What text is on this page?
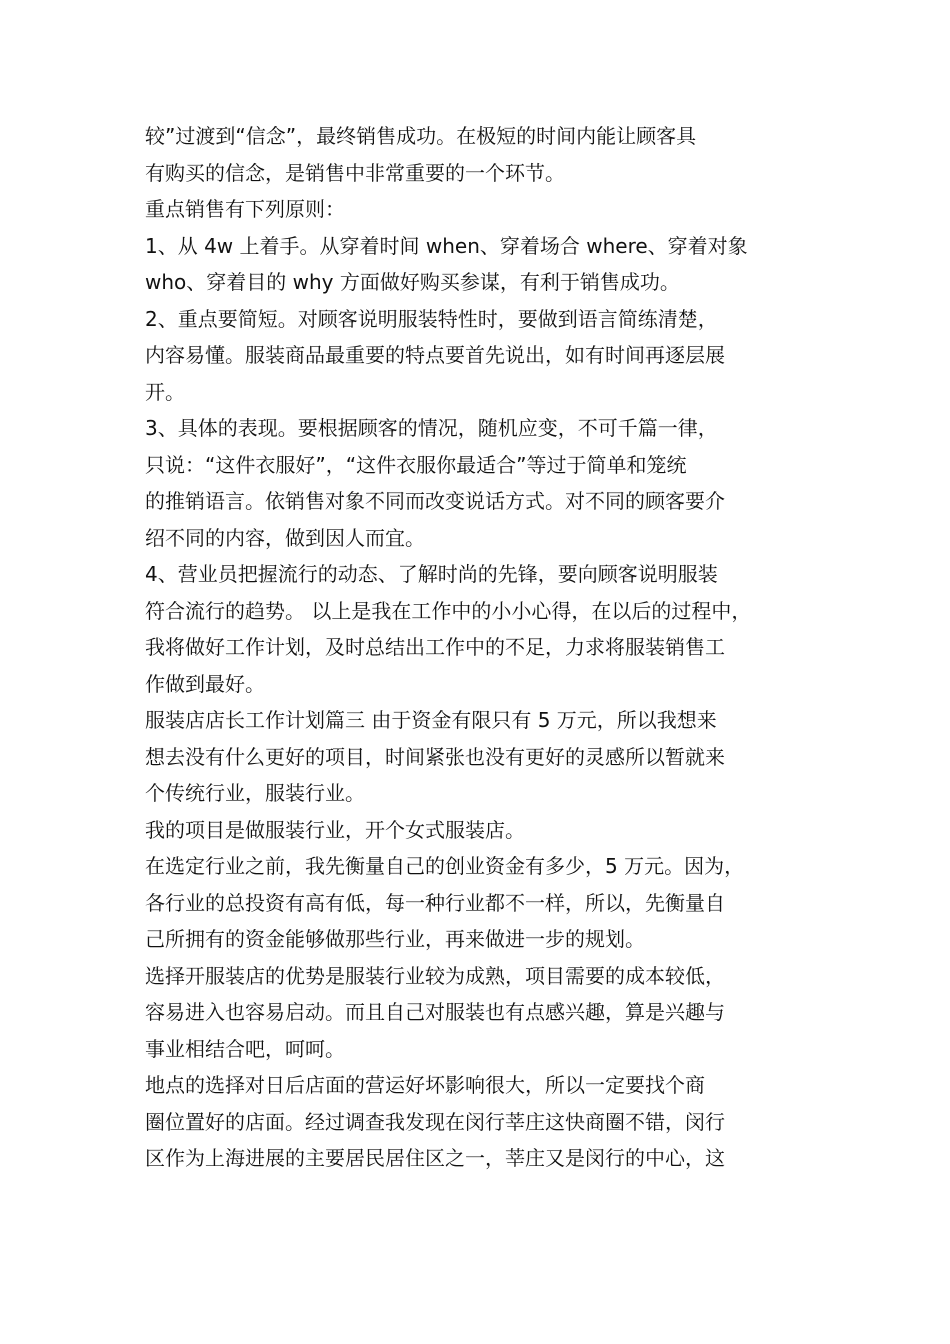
较”过渡到“信念”，最终销售成功。在极短的时间内能让顾客具
有购买的信念，是销售中非常重要的一个环节。
重点销售有下列原则：
1、从 4w 上着手。从穿着时间 when、穿着场合 where、穿着对象
who、穿着目的 why 方面做好购买参谋，有利于销售成功。
2、重点要简短。对顾客说明服装特性时，要做到语言简练清楚，
内容易懂。服装商品最重要的特点要首先说出，如有时间再逐层展
开。
3、具体的表现。要根据顾客的情况，随机应变，不可千篇一律，
只说：“这件衣服好”，“这件衣服你最适合”等过于简单和笼统
的推销语言。依销售对象不同而改变说话方式。对不同的顾客要介
绍不同的内容，做到因人而宜。
4、营业员把握流行的动态、了解时尚的先锋，要向顾客说明服装
符合流行的趋势。 以上是我在工作中的小小心得，在以后的过程中，
我将做好工作计划，及时总结出工作中的不足，力求将服装销售工
作做到最好。
服装店店长工作计划篇三 由于资金有限只有 5 万元，所以我想来
想去没有什么更好的项目，时间紧张也没有更好的灵感所以暂就来
个传统行业，服装行业。
我的项目是做服装行业，开个女式服装店。
在选定行业之前，我先衡量自己的创业资金有多少，5 万元。因为，
各行业的总投资有高有低，每一种行业都不一样，所以，先衡量自
己所拥有的资金能够做那些行业，再来做进一步的规划。
选择开服装店的优势是服装行业较为成熟，项目需要的成本较低，
容易进入也容易启动。而且自己对服装也有点感兴趣，算是兴趣与
事业相结合吧，呵呵。
地点的选择对日后店面的营运好坏影响很大，所以一定要找个商
圈位置好的店面。经过调查我发现在闵行莘庄这快商圈不错，闵行
区作为上海进展的主要居民居住区之一，莘庄又是闵行的中心，这
